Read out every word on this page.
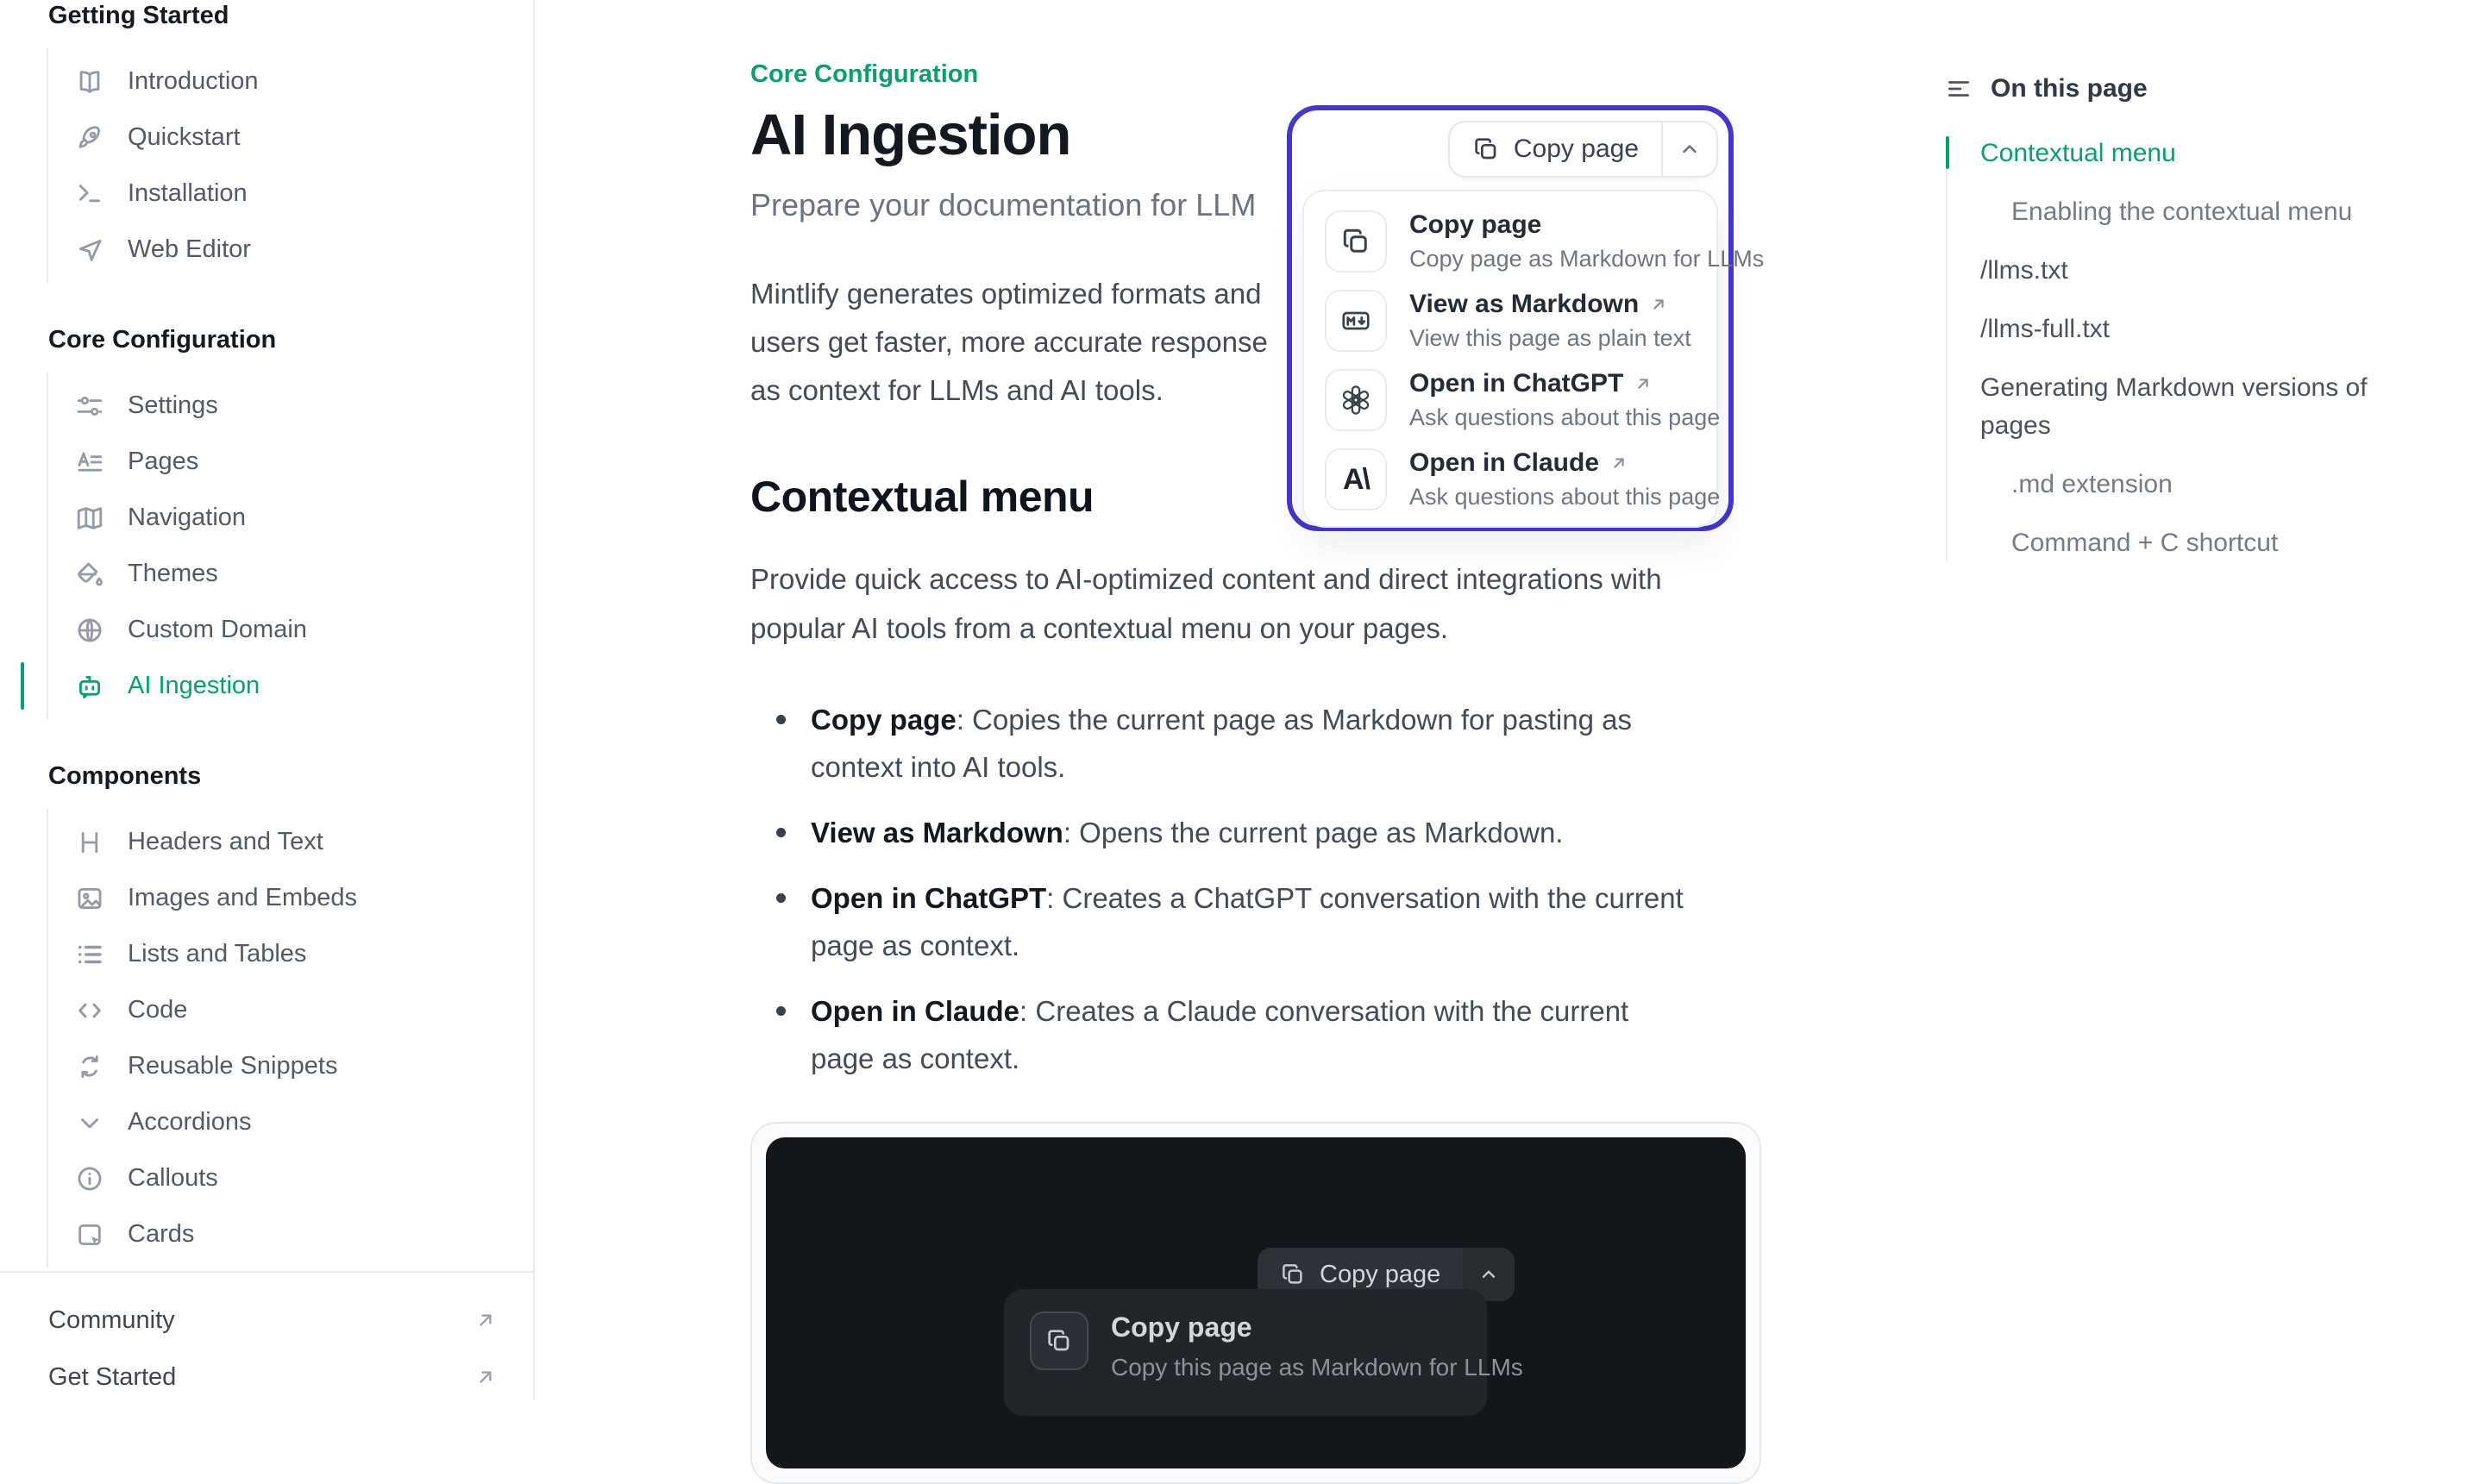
Getting Started
Introduction
Quickstart
Installation
Web Editor
Core Configuration
Settings
Pages
Navigation
Themes
Custom Domain
AI Ingestion
Components
Headers and Text
Images and Embeds
Lists and Tables
Code
Reusable Snippets
Accordions
Callouts
Cards
Community
Get Started
Core Configuration
AI Ingestion
Prepare your documentation for LLM
Mintlify generates optimized formats and
users get faster, more accurate response
as context for LLMs and AI tools.
Contextual menu
Provide quick access to AI-optimized content and direct integrations with popular AI tools from a contextual menu on your pages.
Copy page: Copies the current page as Markdown for pasting as context into AI tools.
View as Markdown: Opens the current page as Markdown.
Open in ChatGPT: Creates a ChatGPT conversation with the current page as context.
Open in Claude: Creates a Claude conversation with the current page as context.
Copy page
Copy page
Copy this page as Markdown for LLMs
Copy page
Copy page
Copy page as Markdown for LLMs
View as Markdown
View this page as plain text
Open in ChatGPT
Ask questions about this page
A\
Open in Claude
Ask questions about this page
On this page
Contextual menu
Enabling the contextual menu
/llms.txt
/llms-full.txt
Generating Markdown versions of pages
.md extension
Command + C shortcut
